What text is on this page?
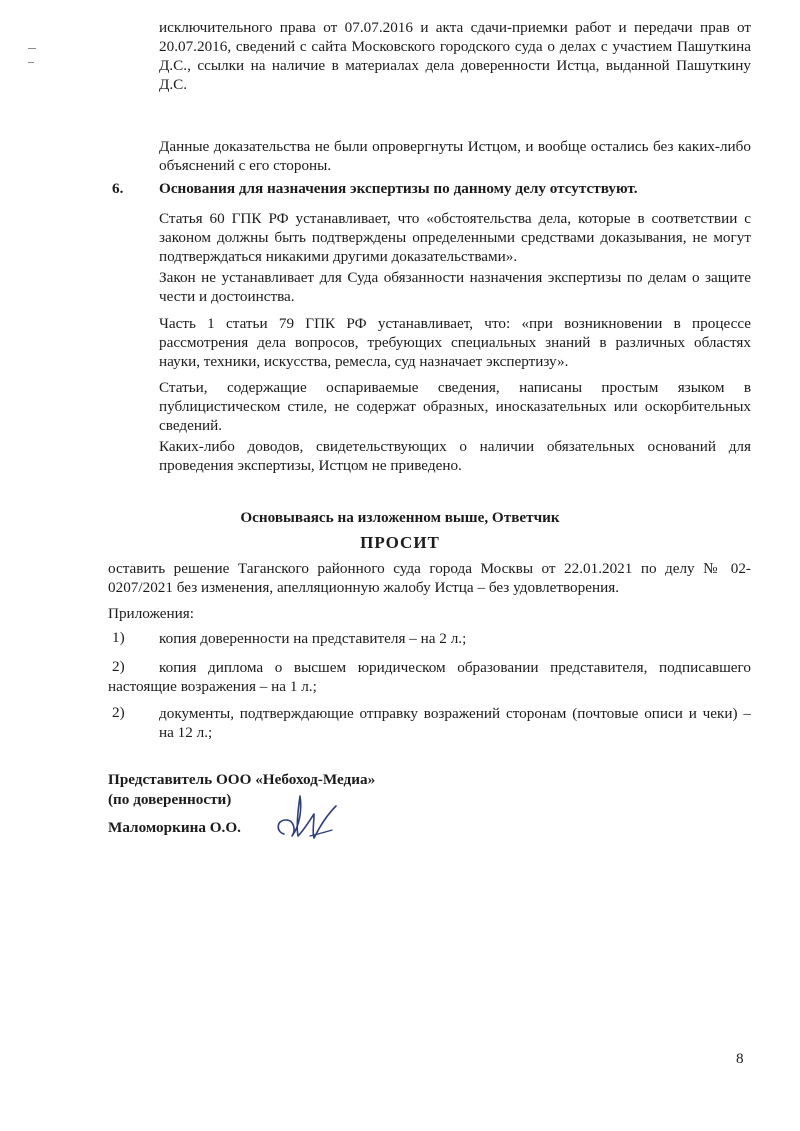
исключительного права от 07.07.2016 и акта сдачи-приемки работ и передачи прав от 20.07.2016, сведений с сайта Московского городского суда о делах с участием Пашуткина Д.С., ссылки на наличие в материалах дела доверенности Истца, выданной Пашуткину Д.С.

Данные доказательства не были опровергнуты Истцом, и вообще остались без каких-либо объяснений с его стороны.

6. Основания для назначения экспертизы по данному делу отсутствуют.

Статья 60 ГПК РФ устанавливает, что «обстоятельства дела, которые в соответствии с законом должны быть подтверждены определенными средствами доказывания, не могут подтверждаться никакими другими доказательствами».

Закон не устанавливает для Суда обязанности назначения экспертизы по делам о защите чести и достоинства.

Часть 1 статьи 79 ГПК РФ устанавливает, что: «при возникновении в процессе рассмотрения дела вопросов, требующих специальных знаний в различных областях науки, техники, искусства, ремесла, суд назначает экспертизу».

Статьи, содержащие оспариваемые сведения, написаны простым языком в публицистическом стиле, не содержат образных, иносказательных или оскорбительных сведений.

Каких-либо доводов, свидетельствующих о наличии обязательных оснований для проведения экспертизы, Истцом не приведено.

Основываясь на изложенном выше, Ответчик
ПРОСИТ

оставить решение Таганского районного суда города Москвы от 22.01.2021 по делу № 02-0207/2021 без изменения, апелляционную жалобу Истца – без удовлетворения.

Приложения:

1) копия доверенности на представителя – на 2 л.;

2)	копия диплома о высшем юридическом образовании представителя, подписавшего настоящие возражения – на 1 л.;

2) документы, подтверждающие отправку возражений сторонам (почтовые описи и чеки) – на 12 л.;

Представитель ООО «Небоход-Медиа»
(по доверенности)
Маломоркина О.О.
8
